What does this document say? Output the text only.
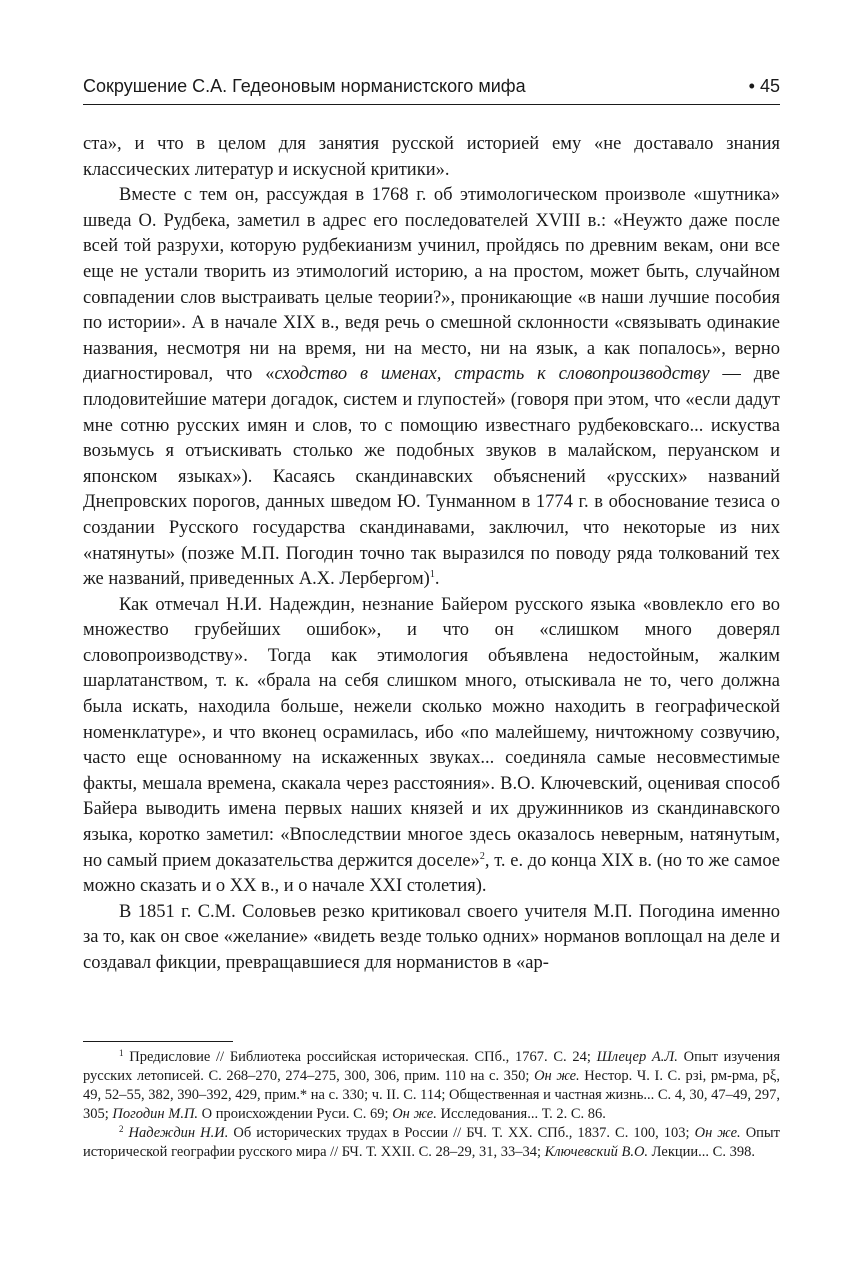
Сокрушение С.А. Гедеоновым норманистского мифа	• 45

ста», и что в целом для занятия русской историей ему «не доставало знания классических литератур и искусной критики».

Вместе с тем он, рассуждая в 1768 г. об этимологическом произволе «шутника» шведа О. Рудбека, заметил в адрес его последователей XVIII в.: «Неужто даже после всей той разрухи, которую рудбекианизм учинил, пройдясь по древним векам, они все еще не устали творить из этимологий историю, а на простом, может быть, случайном совпадении слов выстраивать целые теории?», проникающие «в наши лучшие пособия по истории». А в начале XIX в., ведя речь о смешной склонности «связывать одинакие названия, несмотря ни на время, ни на место, ни на язык, а как попалось», верно диагностировал, что «сходство в именах, страсть к словопроизводству — две плодовитейшие матери догадок, систем и глупостей» (говоря при этом, что «если дадут мне сотню русских имян и слов, то с помощию известнаго рудбековскаго... искуства возьмусь я отъискивать столько же подобных звуков в малайском, перуанском и японском языках»). Касаясь скандинавских объяснений «русских» названий Днепровских порогов, данных шведом Ю. Тунманном в 1774 г. в обоснование тезиса о создании Русского государства скандинавами, заключил, что некоторые из них «натянуты» (позже М.П. Погодин точно так выразился по поводу ряда толкований тех же названий, приведенных А.Х. Лербергом)$^1$.

Как отмечал Н.И. Надеждин, незнание Байером русского языка «вовлекло его во множество грубейших ошибок», и что он «слишком много доверял словопроизводству». Тогда как этимология объявлена недостойным, жалким шарлатанством, т. к. «брала на себя слишком много, отыскивала не то, чего должна была искать, находила больше, нежели сколько можно находить в географической номенклатуре», и что вконец осрамилась, ибо «по малейшему, ничтожному созвучию, часто еще основанному на искаженных звуках... соединяла самые несовместимые факты, мешала времена, скакала через расстояния». В.О. Ключевский, оценивая способ Байера выводить имена первых наших князей и их дружинников из скандинавского языка, коротко заметил: «Впоследствии многое здесь оказалось неверным, натянутым, но самый прием доказательства держится доселе»$^2$, т. е. до конца XIX в. (но то же самое можно сказать и о XX в., и о начале XXI столетия).

В 1851 г. С.М. Соловьев резко критиковал своего учителя М.П. Погодина именно за то, как он свое «желание» «видеть везде только одних» норманов воплощал на деле и создавал фикции, превращавшиеся для норманистов в «ар-

$^1$ Предисловие // Библиотека российская историческая. СПб., 1767. С. 24; Шлецер А.Л. Опыт изучения русских летописей. С. 268–270, 274–275, 300, 306, прим. 110 на с. 350; Он же. Нестор. Ч. I. С. рзі, рм-рма, рξ, 49, 52–55, 382, 390–392, 429, прим.* на с. 330; ч. II. С. 114; Общественная и частная жизнь... С. 4, 30, 47–49, 297, 305; Погодин М.П. О происхождении Руси. С. 69; Он же. Исследования... Т. 2. С. 86.

$^2$ Надеждин Н.И. Об исторических трудах в России // БЧ. Т. XX. СПб., 1837. С. 100, 103; Он же. Опыт исторической географии русского мира // БЧ. Т. XXII. С. 28–29, 31, 33–34; Ключевский В.О. Лекции... С. 398.
